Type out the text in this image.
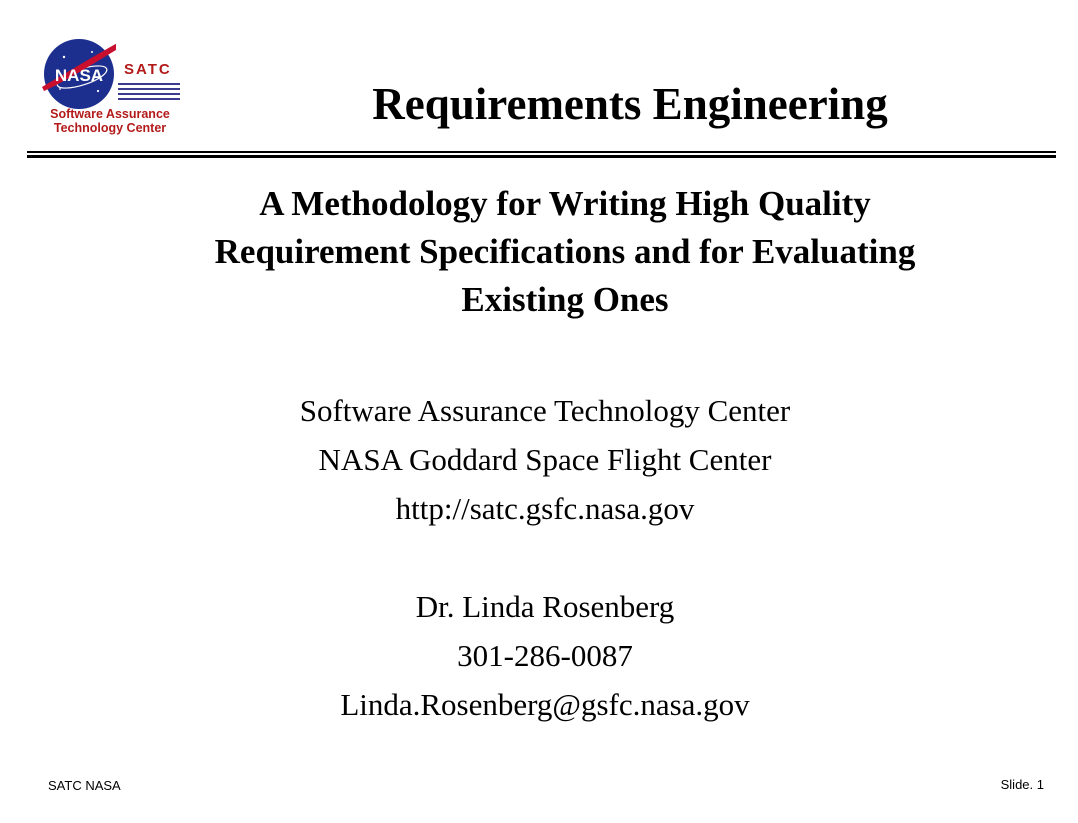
NASA SATC
Software Assurance
Technology Center	Requirements Engineering
A Methodology for Writing High Quality
Requirement Specifications and for Evaluating
Existing Ones
Software Assurance Technology Center
NASA Goddard Space Flight Center
http://satc.gsfc.nasa.gov
Dr. Linda Rosenberg
301-286-0087
Linda.Rosenberg@gsfc.nasa.gov
SATC NASA	Slide. 1
